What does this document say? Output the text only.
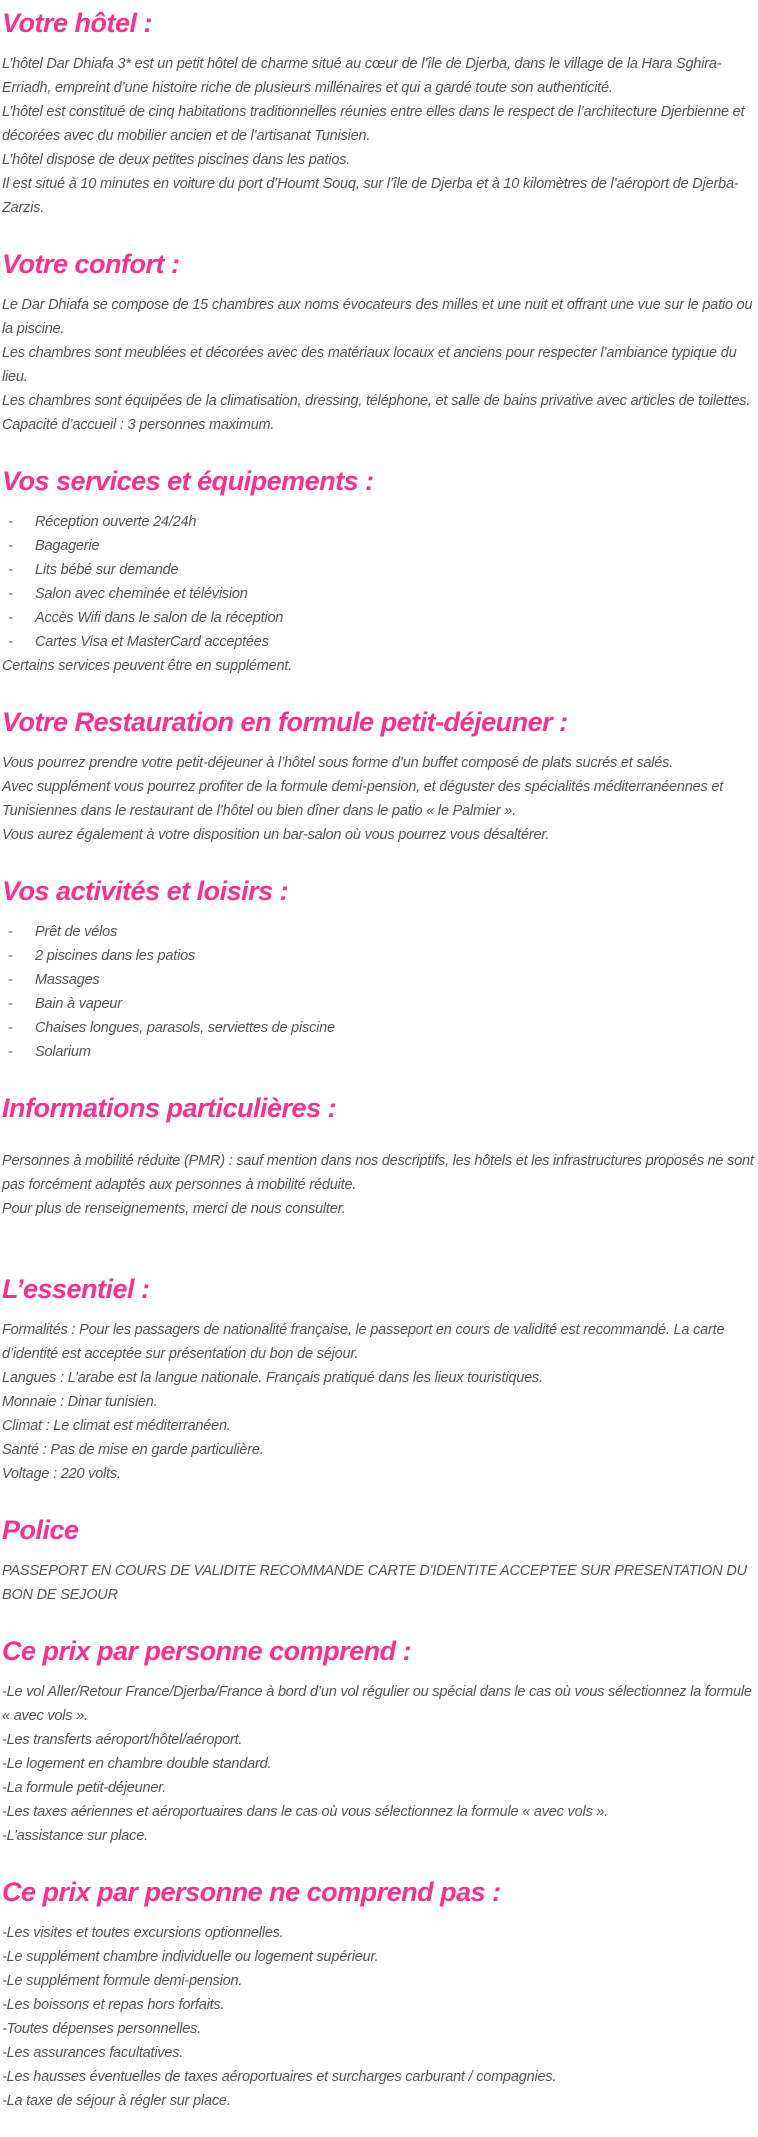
Votre hôtel :

L’hôtel Dar Dhiafa 3* est un petit hôtel de charme situé au cœur de l’île de Djerba, dans le village de la Hara Sghira-Erriadh, empreint d’une histoire riche de plusieurs millénaires et qui a gardé toute son authenticité.

L’hôtel est constitué de cinq habitations traditionnelles réunies entre elles dans le respect de l’architecture Djerbienne et décorées avec du mobilier ancien et de l’artisanat Tunisien.

L’hôtel dispose de deux petites piscines dans les patios.

Il est situé à 10 minutes en voiture du port d’Houmt Souq, sur l’île de Djerba et à 10 kilomètres de l’aéroport de Djerba-Zarzis.

Votre confort :

Le Dar Dhiafa se compose de 15 chambres aux noms évocateurs des milles et une nuit et offrant une vue sur le patio ou la piscine.

Les chambres sont meublées et décorées avec des matériaux locaux et anciens pour respecter l’ambiance typique du lieu.

Les chambres sont équipées de la climatisation, dressing, téléphone, et salle de bains privative avec articles de toilettes.

Capacité d’accueil : 3 personnes maximum.

Vos services et équipements :
- Réception ouverte 24/24h
- Bagagerie
- Lits bébé sur demande
- Salon avec cheminée et télévision
- Accès Wifi dans le salon de la réception
- Cartes Visa et MasterCard acceptées

Certains services peuvent être en supplément.

Votre Restauration en formule petit-déjeuner :

Vous pourrez prendre votre petit-déjeuner à l’hôtel sous forme d’un buffet composé de plats sucrés et salés.

Avec supplément vous pourrez profiter de la formule demi-pension, et déguster des spécialités méditerranéennes et Tunisiennes dans le restaurant de l’hôtel ou bien dîner dans le patio « le Palmier ».

Vous aurez également à votre disposition un bar-salon où vous pourrez vous désaltérer.

Vos activités et loisirs :
- Prêt de vélos
- 2 piscines dans les patios
- Massages
- Bain à vapeur
- Chaises longues, parasols, serviettes de piscine
- Solarium
Informations particulières :

Personnes à mobilité réduite (PMR) : sauf mention dans nos descriptifs, les hôtels et les infrastructures proposés ne sont pas forcément adaptés aux personnes à mobilité réduite.

Pour plus de renseignements, merci de nous consulter.

L’essentiel :

Formalités : Pour les passagers de nationalité française, le passeport en cours de validité est recommandé. La carte d’identité est acceptée sur présentation du bon de séjour.

Langues : L’arabe est la langue nationale. Français pratiqué dans les lieux touristiques.

Monnaie : Dinar tunisien.

Climat : Le climat est méditerranéen.

Santé : Pas de mise en garde particulière.

Voltage : 220 volts.

Police

PASSEPORT EN COURS DE VALIDITE RECOMMANDE CARTE D'IDENTITE ACCEPTEE SUR PRESENTATION DU BON DE SEJOUR

Ce prix par personne comprend :

-Le vol Aller/Retour France/Djerba/France à bord d’un vol régulier ou spécial dans le cas où vous sélectionnez la formule « avec vols ».

-Les transferts aéroport/hôtel/aéroport.

-Le logement en chambre double standard.

-La formule petit-déjeuner.

-Les taxes aériennes et aéroportuaires dans le cas où vous sélectionnez la formule « avec vols ».

-L’assistance sur place.

Ce prix par personne ne comprend pas :

-Les visites et toutes excursions optionnelles.

-Le supplément chambre individuelle ou logement supérieur.

-Le supplément formule demi-pension.

-Les boissons et repas hors forfaits.

-Toutes dépenses personnelles.

-Les assurances facultatives.

-Les hausses éventuelles de taxes aéroportuaires et surcharges carburant / compagnies.

-La taxe de séjour à régler sur place.
